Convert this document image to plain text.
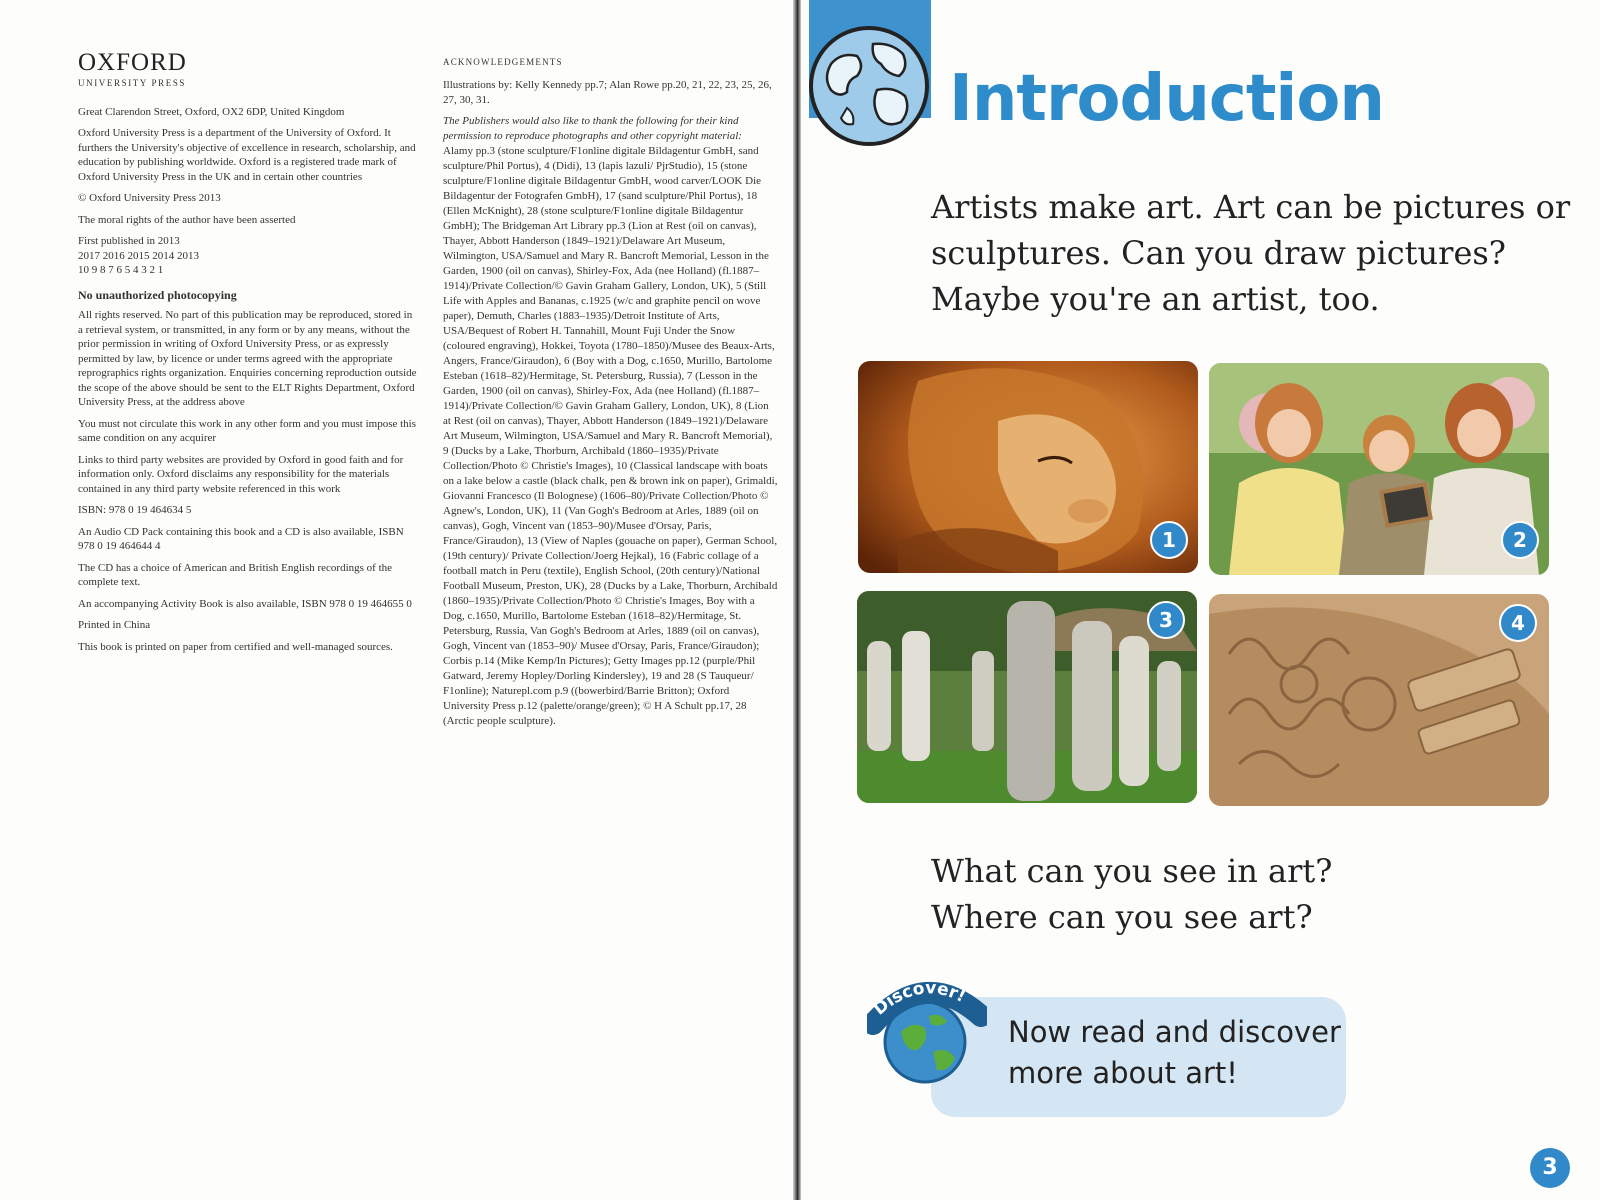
OXFORD
UNIVERSITY PRESS

Great Clarendon Street, Oxford, OX2 6DP, United Kingdom

Oxford University Press is a department of the University of Oxford. It furthers the University's objective of excellence in research, scholarship, and education by publishing worldwide. Oxford is a registered trade mark of Oxford University Press in the UK and in certain other countries

© Oxford University Press 2013

The moral rights of the author have been asserted

First published in 2013

2017 2016 2015 2014 2013

10 9 8 7 6 5 4 3 2 1

No unauthorized photocopying

All rights reserved. No part of this publication may be reproduced, stored in a retrieval system, or transmitted, in any form or by any means, without the prior permission in writing of Oxford University Press, or as expressly permitted by law, by licence or under terms agreed with the appropriate reprographics rights organization. Enquiries concerning reproduction outside the scope of the above should be sent to the ELT Rights Department, Oxford University Press, at the address above

You must not circulate this work in any other form and you must impose this same condition on any acquirer

Links to third party websites are provided by Oxford in good faith and for information only. Oxford disclaims any responsibility for the materials contained in any third party website referenced in this work

ISBN: 978 0 19 464634 5

An Audio CD Pack containing this book and a CD is also available, ISBN 978 0 19 464644 4

The CD has a choice of American and British English recordings of the complete text.

An accompanying Activity Book is also available, ISBN 978 0 19 464655 0

Printed in China

This book is printed on paper from certified and well-managed sources.

ACKNOWLEDGEMENTS

Illustrations by: Kelly Kennedy pp.7; Alan Rowe pp.20, 21, 22, 23, 25, 26, 27, 30, 31.

The Publishers would also like to thank the following for their kind permission to reproduce photographs and other copyright material:

Alamy pp.3 (stone sculpture/F1online digitale Bildagentur GmbH, sand sculpture/Phil Portus), 4 (Didi), 13 (lapis lazuli/ PjrStudio), 15 (stone sculpture/F1online digitale Bildagentur GmbH, wood carver/LOOK Die Bildagentur der Fotografen GmbH), 17 (sand sculpture/Phil Portus), 18 (Ellen McKnight), 28 (stone sculpture/F1online digitale Bildagentur GmbH); The Bridgeman Art Library pp.3 (Lion at Rest (oil on canvas), Thayer, Abbott Handerson (1849–1921)/Delaware Art Museum, Wilmington, USA/Samuel and Mary R. Bancroft Memorial, Lesson in the Garden, 1900 (oil on canvas), Shirley-Fox, Ada (nee Holland) (fl.1887–1914)/Private Collection/© Gavin Graham Gallery, London, UK), 5 (Still Life with Apples and Bananas, c.1925 (w/c and graphite pencil on wove paper), Demuth, Charles (1883–1935)/Detroit Institute of Arts, USA/Bequest of Robert H. Tannahill, Mount Fuji Under the Snow (coloured engraving), Hokkei, Toyota (1780–1850)/Musee des Beaux-Arts, Angers, France/Giraudon), 6 (Boy with a Dog, c.1650, Murillo, Bartolome Esteban (1618–82)/Hermitage, St. Petersburg, Russia), 7 (Lesson in the Garden, 1900 (oil on canvas), Shirley-Fox, Ada (nee Holland) (fl.1887–1914)/Private Collection/© Gavin Graham Gallery, London, UK), 8 (Lion at Rest (oil on canvas), Thayer, Abbott Handerson (1849–1921)/Delaware Art Museum, Wilmington, USA/Samuel and Mary R. Bancroft Memorial), 9 (Ducks by a Lake, Thorburn, Archibald (1860–1935)/Private Collection/Photo © Christie's Images), 10 (Classical landscape with boats on a lake below a castle (black chalk, pen & brown ink on paper), Grimaldi, Giovanni Francesco (Il Bolognese) (1606–80)/Private Collection/Photo © Agnew's, London, UK), 11 (Van Gogh's Bedroom at Arles, 1889 (oil on canvas), Gogh, Vincent van (1853–90)/Musee d'Orsay, Paris, France/Giraudon), 13 (View of Naples (gouache on paper), German School, (19th century)/ Private Collection/Joerg Hejkal), 16 (Fabric collage of a football match in Peru (textile), English School, (20th century)/National Football Museum, Preston, UK), 28 (Ducks by a Lake, Thorburn, Archibald (1860–1935)/Private Collection/Photo © Christie's Images, Boy with a Dog, c.1650, Murillo, Bartolome Esteban (1618–82)/Hermitage, St. Petersburg, Russia, Van Gogh's Bedroom at Arles, 1889 (oil on canvas), Gogh, Vincent van (1853–90)/ Musee d'Orsay, Paris, France/Giraudon); Corbis p.14 (Mike Kemp/In Pictures); Getty Images pp.12 (purple/Phil Gatward, Jeremy Hopley/Dorling Kindersley), 19 and 28 (S Tauqueur/ F1online); Naturepl.com p.9 ((bowerbird/Barrie Britton); Oxford University Press p.12 (palette/orange/green); © H A Schult pp.17, 28 (Arctic people sculpture).

Introduction

Artists make art. Art can be pictures or sculptures. Can you draw pictures? Maybe you're an artist, too.

1	2
3	4

What can you see in art?
Where can you see art?

Discover!

Now read and discover
more about art!

3
